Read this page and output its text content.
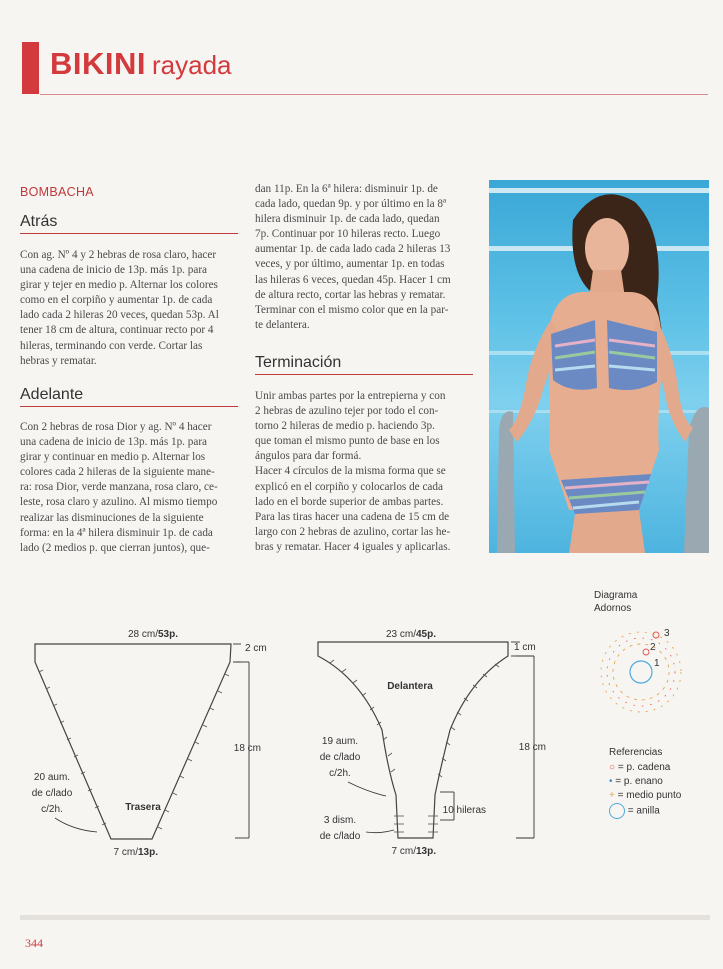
BIKINI rayada
BOMBACHA
Atrás
Con ag. Nº 4 y 2 hebras de rosa claro, hacer
una cadena de inicio de 13p. más 1p. para
girar y tejer en medio p. Alternar los colores
como en el corpiño y aumentar 1p. de cada
lado cada 2 hileras 20 veces, quedan 53p. Al
tener 18 cm de altura, continuar recto por 4
hileras, terminando con verde. Cortar las
hebras y rematar.
Adelante
Con 2 hebras de rosa Dior y ag. Nº 4 hacer
una cadena de inicio de 13p. más 1p. para
girar y continuar en medio p. Alternar los
colores cada 2 hileras de la siguiente mane-
ra: rosa Dior, verde manzana, rosa claro, ce-
leste, rosa claro y azulino. Al mismo tiempo
realizar las disminuciones de la siguiente
forma: en la 4ª hilera disminuir 1p. de cada
lado (2 medios p. que cierran juntos), que-
dan 11p. En la 6ª hilera: disminuir 1p. de
cada lado, quedan 9p. y por último en la 8ª
hilera disminuir 1p. de cada lado, quedan
7p. Continuar por 10 hileras recto. Luego
aumentar 1p. de cada lado cada 2 hileras 13
veces, y por último, aumentar 1p. en todas
las hileras 6 veces, quedan 45p. Hacer 1 cm
de altura recto, cortar las hebras y rematar.
Terminar con el mismo color que en la par-
te delantera.
Terminación
Unir ambas partes por la entrepierna y con
2 hebras de azulino tejer por todo el con-
torno 2 hileras de medio p. haciendo 3p.
que toman el mismo punto de base en los
ángulos para dar formá.
Hacer 4 círculos de la misma forma que se
explicó en el corpiño y colocarlos de cada
lado en el borde superior de ambas partes.
Para las tiras hacer una cadena de 15 cm de
largo con 2 hebras de azulino, cortar las he-
bras y rematar. Hacer 4 iguales y aplicarlas.
28 cm/ 53p.
Trasera
7 cm/ 13p.
2 cm
18 cm
20 aum.
de c/lado
c/2h.
23 cm/ 45p.
Delantera
7 cm/ 13p.
1 cm
18 cm
10 hileras
19 aum.
de c/lado
c/2h.
3 dism.
de c/lado
Diagrama
Adornos
1
2
3
Referencias
○ = p. cadena
• = p. enano
+ = medio punto
= anilla
344
